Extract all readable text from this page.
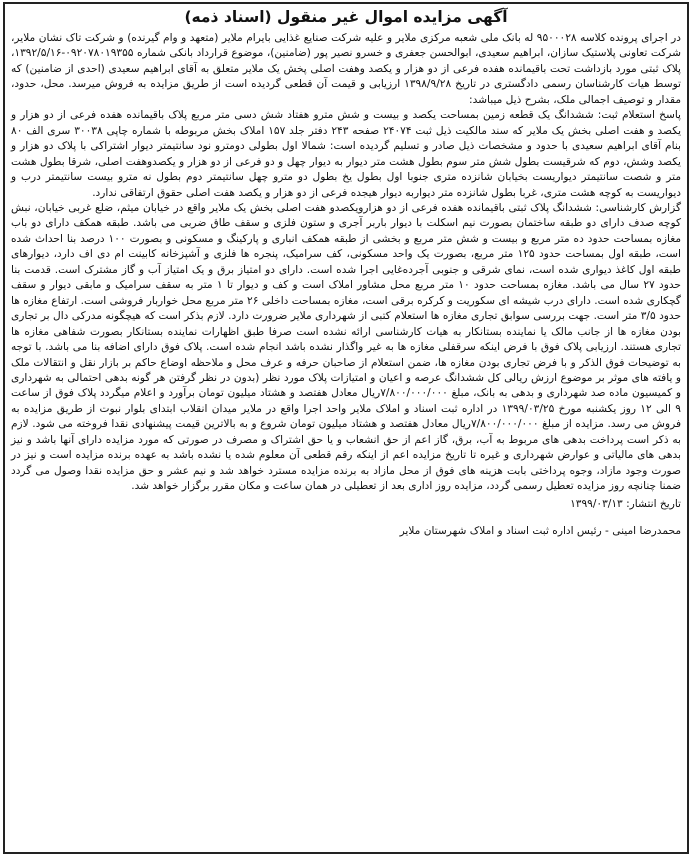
آگهی مزایده اموال غیر منقول (اسناد ذمه)

در اجرای پرونده کلاسه ۹۵۰۰۰۲۸ له بانک ملی شعبه مرکزی ملایر و علیه شرکت صنایع غذایی بایرام ملایر (متعهد و وام گیرنده) و شرکت تاک نشان ملایر، شرکت تعاونی پلاستیک سازان، ابراهیم سعیدی، ابوالحسن جعفری و خسرو نصیر پور (ضامنین)، موضوع قرارداد بانکی شماره ۰۹۲۰۷۸۰۱۹۳۵۵-۱۳۹۲/۵/۱۶، پلاک ثبتی مورد بازداشت تحت باقیمانده هفده فرعی از دو هزار و یکصد وهفت اصلی پخش یک ملایر متعلق به آقای ابراهیم سعیدی (احدی از ضامنین) که توسط هیات کارشناسان رسمی دادگستری در تاریخ ۱۳۹۸/۹/۲۸ ارزیابی و قیمت آن قطعی گردیده است از طریق مزایده به فروش میرسد. محل، حدود، مقدار و توصیف اجمالی ملک، بشرح ذیل میباشد:

پاسخ استعلام ثبت: ششدانگ یک قطعه زمین بمساحت یکصد و بیست و شش مترو هفتاد شش دسی متر مربع پلاک باقیمانده هفده فرعی از دو هزار و یکصد و هفت اصلی بخش یک ملایر که سند مالکیت ذیل ثبت ۲۴۰۷۴ صفحه ۲۴۳ دفتر جلد ۱۵۷ املاک بخش مربوطه با شماره چاپی ۳۰۰۳۸ سری الف ۸۰ بنام آقای ابراهیم سعیدی با حدود و مشخصات ذیل صادر و تسلیم گردیده است: شمالا اول بطولی دومترو نود سانتیمتر دیوار اشتراکی با پلاک دو هزار و یکصد وشش، دوم که شرقیست بطول شش متر سوم بطول هشت متر دیوار به دیوار چهل و دو فرعی از دو هزار و یکصدوهفت اصلی، شرقا بطول هشت متر و شصت سانتیمتر دیواریست بخیابان شانزده متری جنوبا اول بطول یخ بطول دو مترو چهل سانتیمتر دوم بطول نه مترو بیست سانتیمتر درب و دیواریست به کوچه هشت متری، غربا بطول شانزده متر دیواربه دیوار هیجده فرعی از دو هزار و یکصد هفت اصلی حقوق ارتفاقی ندارد.

گزارش کارشناسی: ششدانگ پلاک ثبتی باقیمانده هفده فرعی از دو هزارویکصدو هفت اصلی بخش یک ملایر واقع در خیابان میثم، ضلع غربی خیابان، نبش کوچه صدف دارای دو طبقه ساختمان بصورت نیم اسکلت با دیوار باربر آجری و ستون فلزی و سقف طاق ضربی می باشد. طبقه همکف دارای دو باب مغازه بمساحت حدود ده متر مربع و بیست و شش متر مربع و بخشی از طبقه همکف انباری و پارکینگ و مسکونی و بصورت ۱۰۰ درصد بنا احداث شده است، طبقه اول بمساحت حدود ۱۲۵ متر مربع، بصورت یک واحد مسکونی، کف سرامیک، پنجره ها فلزی و آشپزخانه کابینت ام دی اف دارد، دیوارهای طبقه اول کاغذ دیواری شده است، نمای شرقی و جنوبی آجرده‌غایی اجرا شده است. دارای دو امتیاز برق و یک امتیاز آب و گاز مشترک است. قدمت بنا حدود ۲۷ سال می باشد. مغازه بمساحت حدود ۱۰ متر مربع محل مشاور املاک است و کف و دیوار تا ۱ متر به سقف سرامیک و مابقی دیوار و سقف گچکاری شده است. دارای درب شیشه ای سکوریت و کرکره برقی است، مغازه بمساحت داخلی ۲۶ متر مربع محل خواربار فروشی است. ارتفاع مغازه ها حدود ۳/۵ متر است. جهت بررسی سوابق تجاری مغازه ها استعلام کتبی از شهرداری ملایر ضرورت دارد. لازم بذکر است که هیچگونه مدرکی دال بر تجاری بودن مغازه ها از جانب مالک یا نماینده بستانکار به هیات کارشناسی ارائه نشده است صرفا طبق اظهارات نماینده بستانکار بصورت شفاهی مغازه ها تجاری هستند. ارزیابی پلاک فوق با فرض اینکه سرقفلی مغازه ها به غیر واگذار نشده باشد انجام شده است. پلاک فوق دارای اضافه بنا می باشد. با توجه به توضیحات فوق الذکر و با فرض تجاری بودن مغازه ها، ضمن استعلام از صاحبان حرفه و عرف محل و ملاحظه اوضاع حاکم بر بازار نقل و انتقالات ملک و یافته های موثر بر موضوع ارزش ریالی کل ششدانگ عرصه و اعیان و امتیازات پلاک مورد نظر (بدون در نظر گرفتن هر گونه بدهی احتمالی به شهرداری و کمیسیون ماده صد شهرداری و بدهی به بانک، مبلغ ۷/۸۰۰/۰۰۰/۰۰۰ریال معادل هفتصد و هشتاد میلیون تومان برآورد و اعلام میگردد پلاک فوق از ساعت ۹ الی ۱۲ روز یکشنبه مورخ ۱۳۹۹/۰۳/۲۵ در اداره ثبت اسناد و املاک ملایر واحد اجرا واقع در ملایر میدان انقلاب ابتدای بلوار نبوت از طریق مزایده به فروش می رسد. مزایده از مبلغ ۷/۸۰۰/۰۰۰/۰۰۰ریال معادل هفتصد و هشتاد میلیون تومان شروع و به بالاترین قیمت پیشنهادی نقدا فروخته می شود. لازم به ذکر است پرداخت بدهی های مربوط به آب، برق، گاز اعم از حق انشعاب و یا حق اشتراک و مصرف در صورتی که مورد مزایده دارای آنها باشد و نیز بدهی های مالیاتی و عوارض شهرداری و غیره تا تاریخ مزایده اعم از اینکه رقم قطعی آن معلوم شده یا نشده باشد به عهده برنده مزایده است و نیز در صورت وجود مازاد، وجوه پرداختی بابت هزینه های فوق از محل مازاد به برنده مزایده مسترد خواهد شد و نیم عشر و حق مزایده نقدا وصول می گردد ضمنا چنانچه روز مزایده تعطیل رسمی گردد، مزایده روز اداری بعد از تعطیلی در همان ساعت و مکان مقرر برگزار خواهد شد.

تاریخ انتشار: ۱۳۹۹/۰۳/۱۳
محمدرضا امینی - رئیس اداره ثبت اسناد و املاک شهرستان ملایر
